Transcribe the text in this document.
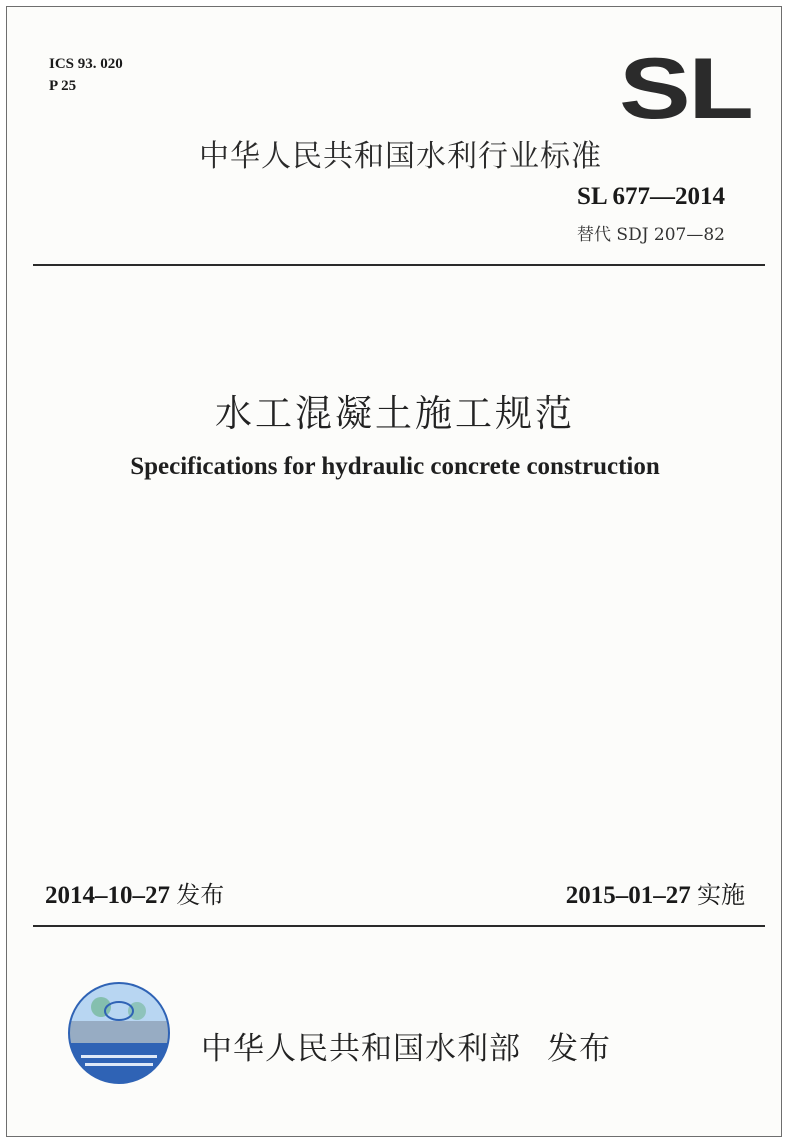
ICS 93. 020
P 25	SL
中华人民共和国水利行业标准
SL 677—2014
替代 SDJ 207—82
水工混凝土施工规范
Specifications for hydraulic concrete construction
2014–10–27 发布	2015–01–27 实施
中华人民共和国水利部 发布
